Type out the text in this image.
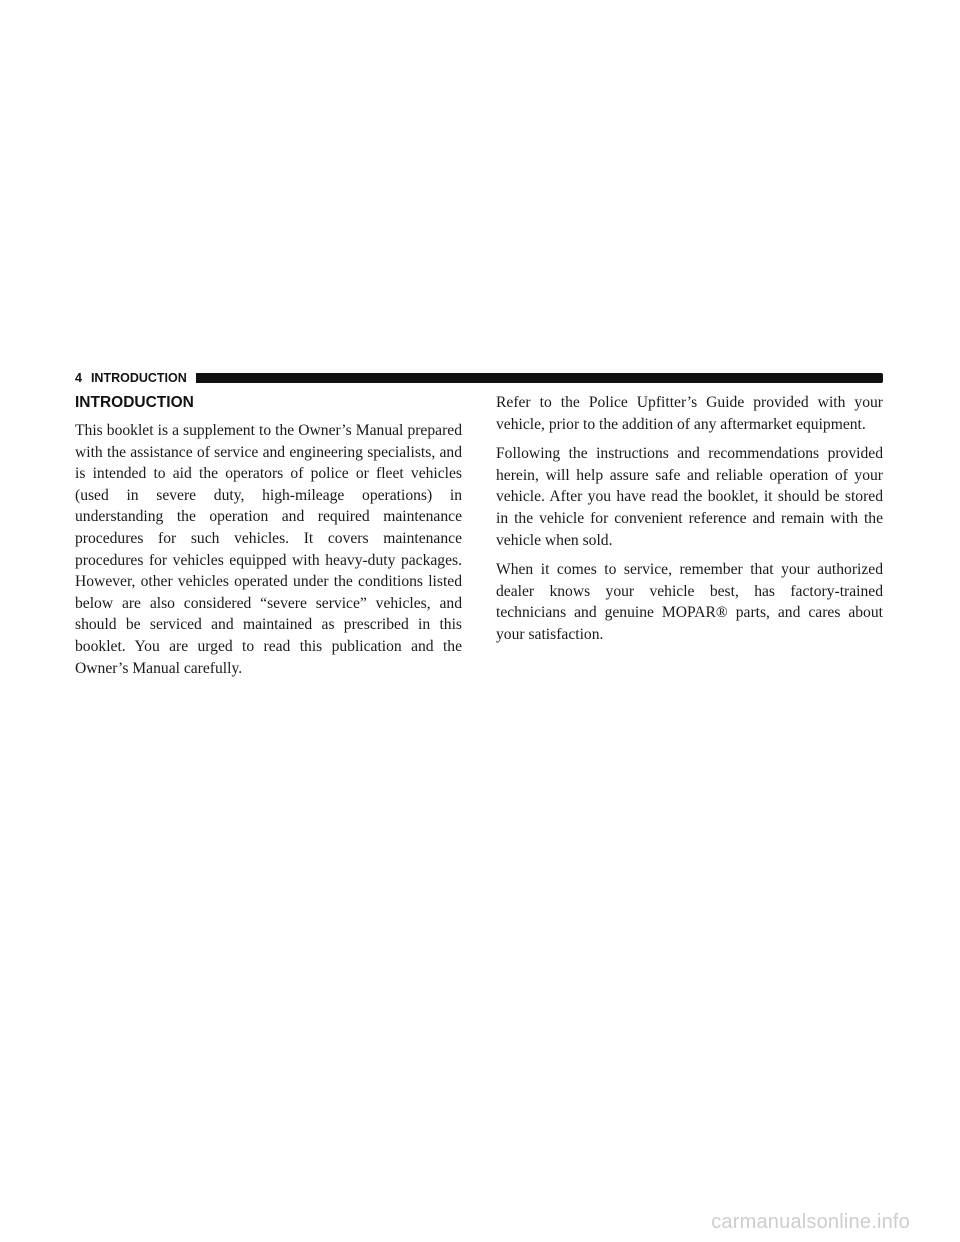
4 INTRODUCTION
INTRODUCTION

This booklet is a supplement to the Owner’s Manual prepared with the assistance of service and engineering specialists, and is intended to aid the operators of police or fleet vehicles (used in severe duty, high-mileage operations) in understanding the operation and required maintenance procedures for such vehicles. It covers maintenance procedures for vehicles equipped with heavy-duty packages. However, other vehicles operated under the conditions listed below are also considered “severe service” vehicles, and should be serviced and maintained as prescribed in this booklet. You are urged to read this publication and the Owner’s Manual carefully.

Refer to the Police Upfitter’s Guide provided with your vehicle, prior to the addition of any aftermarket equipment.

Following the instructions and recommendations provided herein, will help assure safe and reliable operation of your vehicle. After you have read the booklet, it should be stored in the vehicle for convenient reference and remain with the vehicle when sold.

When it comes to service, remember that your authorized dealer knows your vehicle best, has factory-trained technicians and genuine MOPAR® parts, and cares about your satisfaction.

carmanualsonline.info
